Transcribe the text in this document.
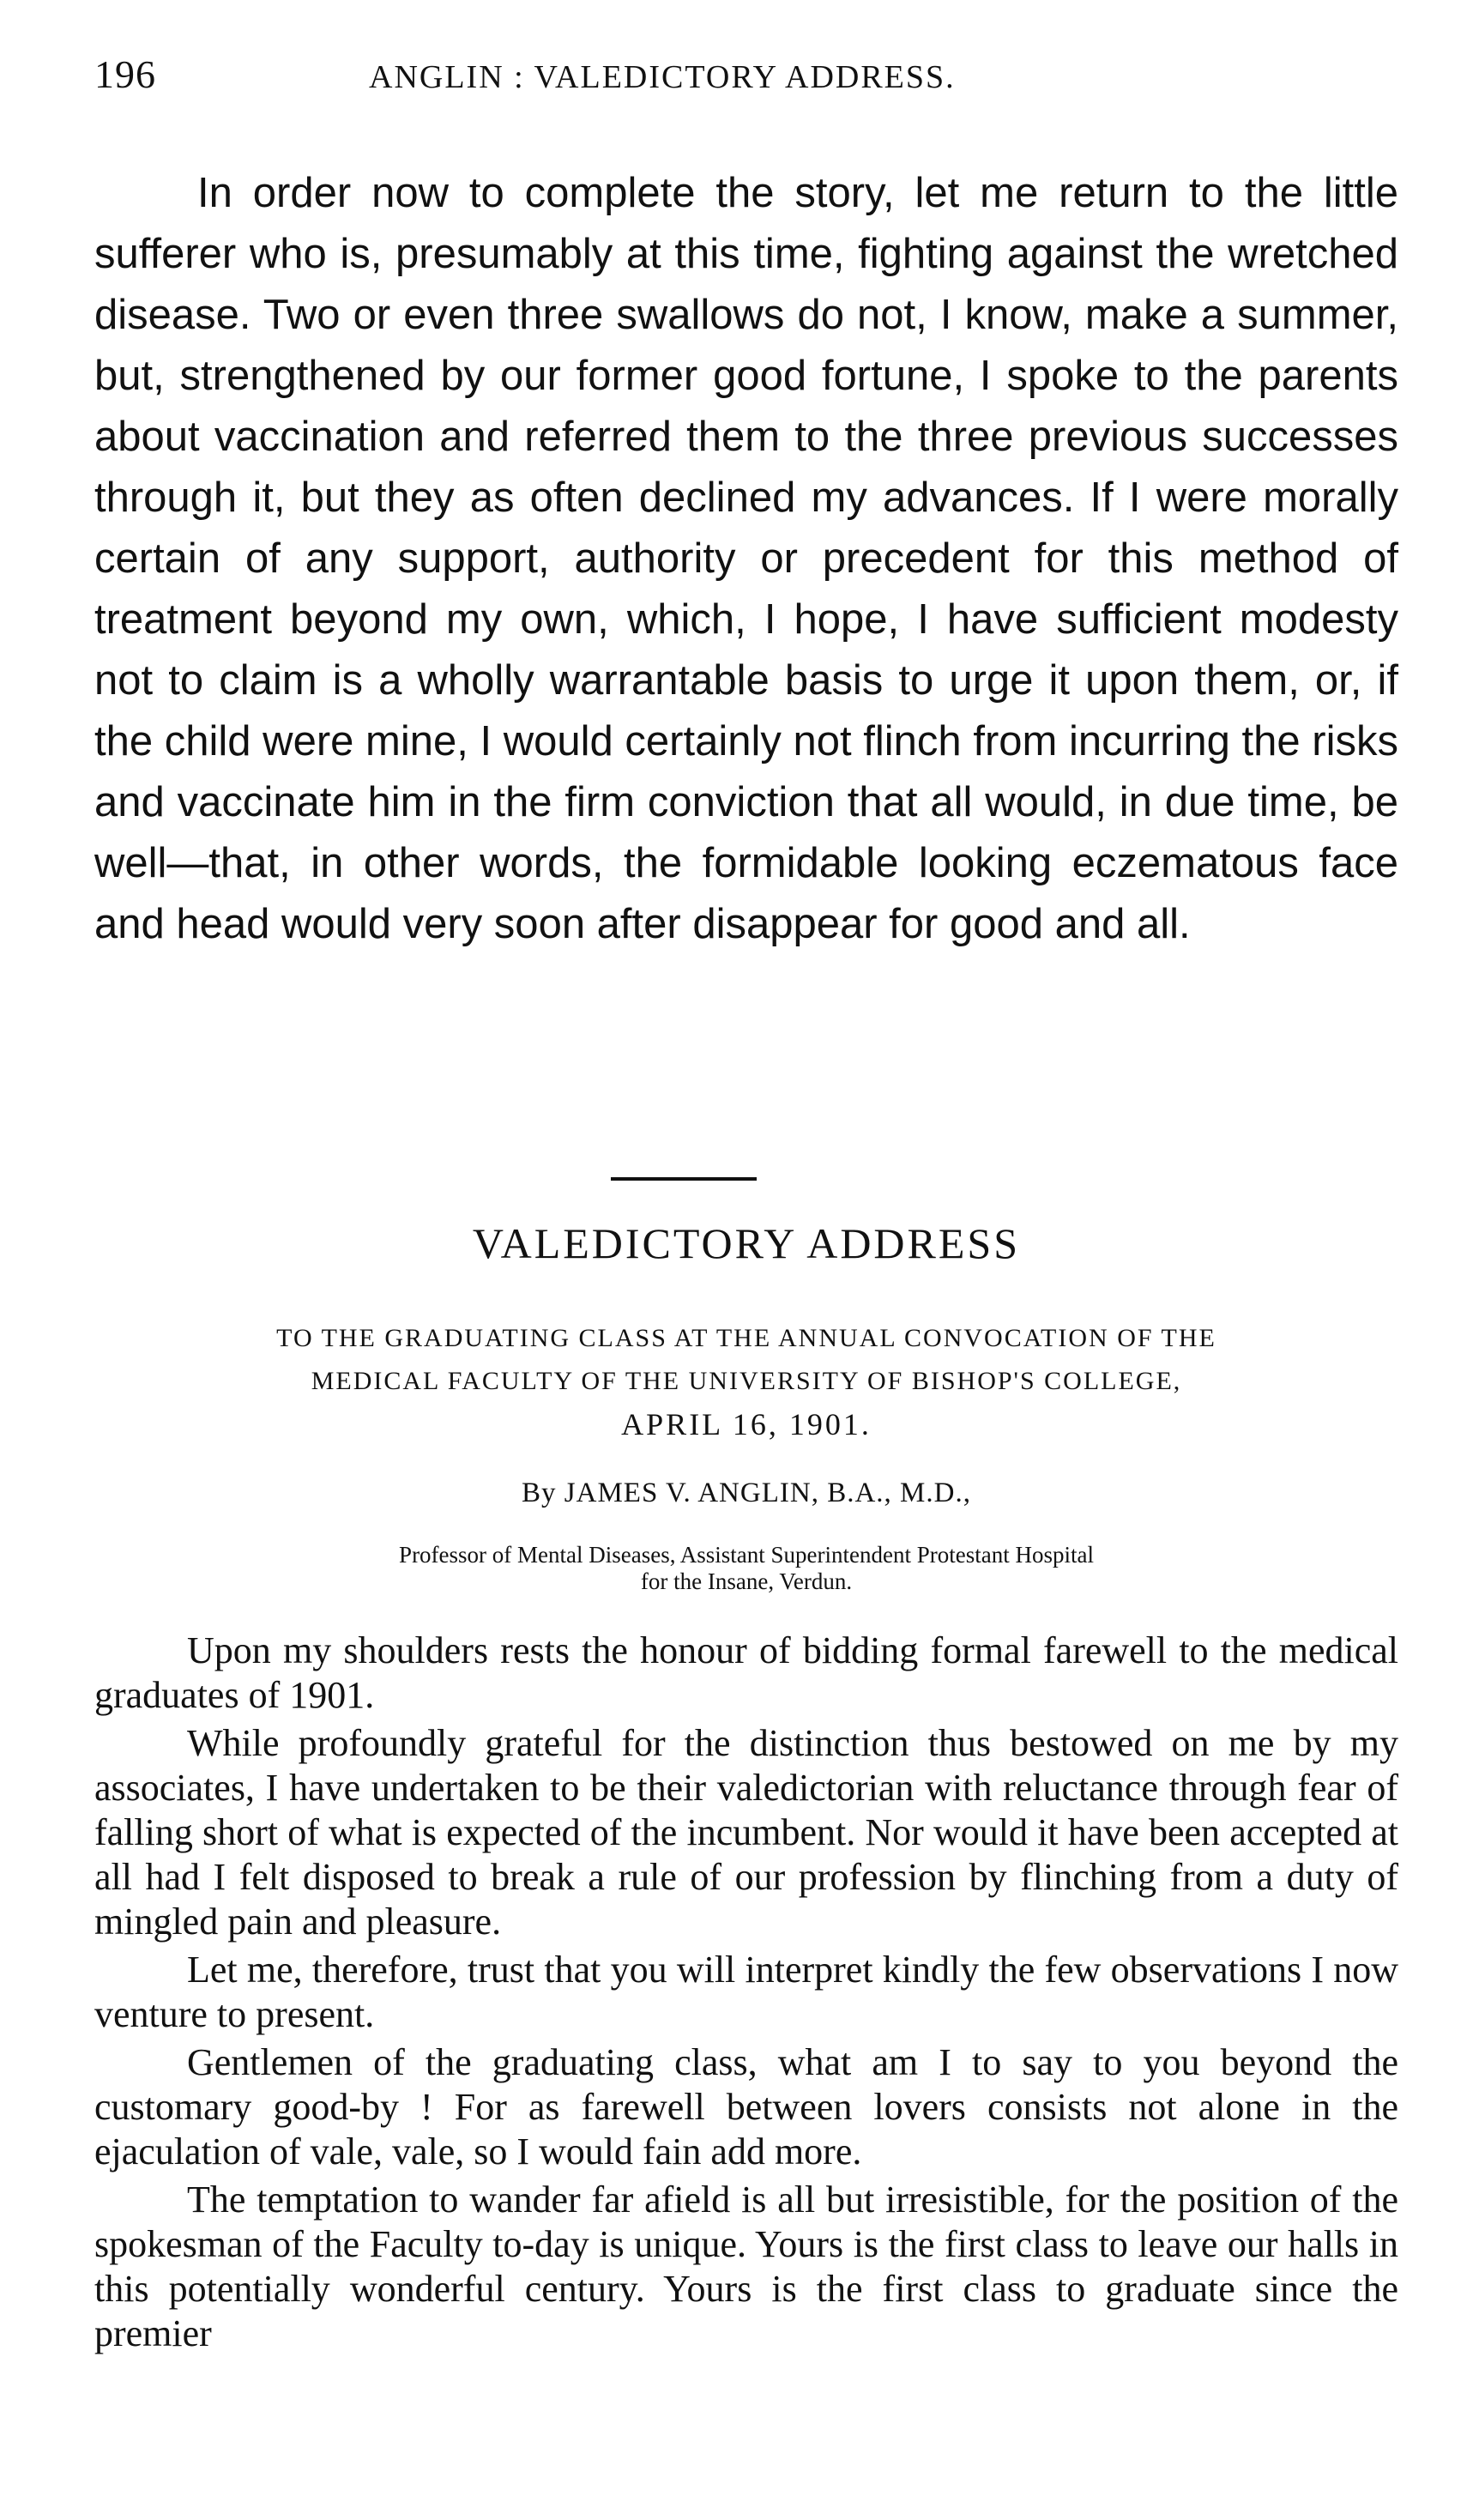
196	ANGLIN : VALEDICTORY ADDRESS.

In order now to complete the story, let me return to the little sufferer who is, presumably at this time, fighting against the wretched disease. Two or even three swallows do not, I know, make a summer, but, strengthened by our former good fortune, I spoke to the parents about vaccination and referred them to the three previous successes through it, but they as often declined my advances. If I were morally certain of any support, authority or precedent for this method of treatment beyond my own, which, I hope, I have sufficient modesty not to claim is a wholly warrantable basis to urge it upon them, or, if the child were mine, I would certainly not flinch from incurring the risks and vaccinate him in the firm conviction that all would, in due time, be well—that, in other words, the formidable looking eczematous face and head would very soon after disappear for good and all.

VALEDICTORY ADDRESS
TO THE GRADUATING CLASS AT THE ANNUAL CONVOCATION OF THE
MEDICAL FACULTY OF THE UNIVERSITY OF BISHOP'S COLLEGE,
APRIL 16, 1901.
By JAMES V. ANGLIN, B.A., M.D.,
Professor of Mental Diseases, Assistant Superintendent Protestant Hospital
for the Insane, Verdun.

Upon my shoulders rests the honour of bidding formal farewell to the medical graduates of 1901.

While profoundly grateful for the distinction thus bestowed on me by my associates, I have undertaken to be their valedictorian with reluctance through fear of falling short of what is expected of the incumbent. Nor would it have been accepted at all had I felt disposed to break a rule of our profession by flinching from a duty of mingled pain and pleasure.

Let me, therefore, trust that you will interpret kindly the few observations I now venture to present.

Gentlemen of the graduating class, what am I to say to you beyond the customary good-by ! For as farewell between lovers consists not alone in the ejaculation of vale, vale, so I would fain add more.

The temptation to wander far afield is all but irresistible, for the position of the spokesman of the Faculty to-day is unique. Yours is the first class to leave our halls in this potentially wonderful century. Yours is the first class to graduate since the premier
